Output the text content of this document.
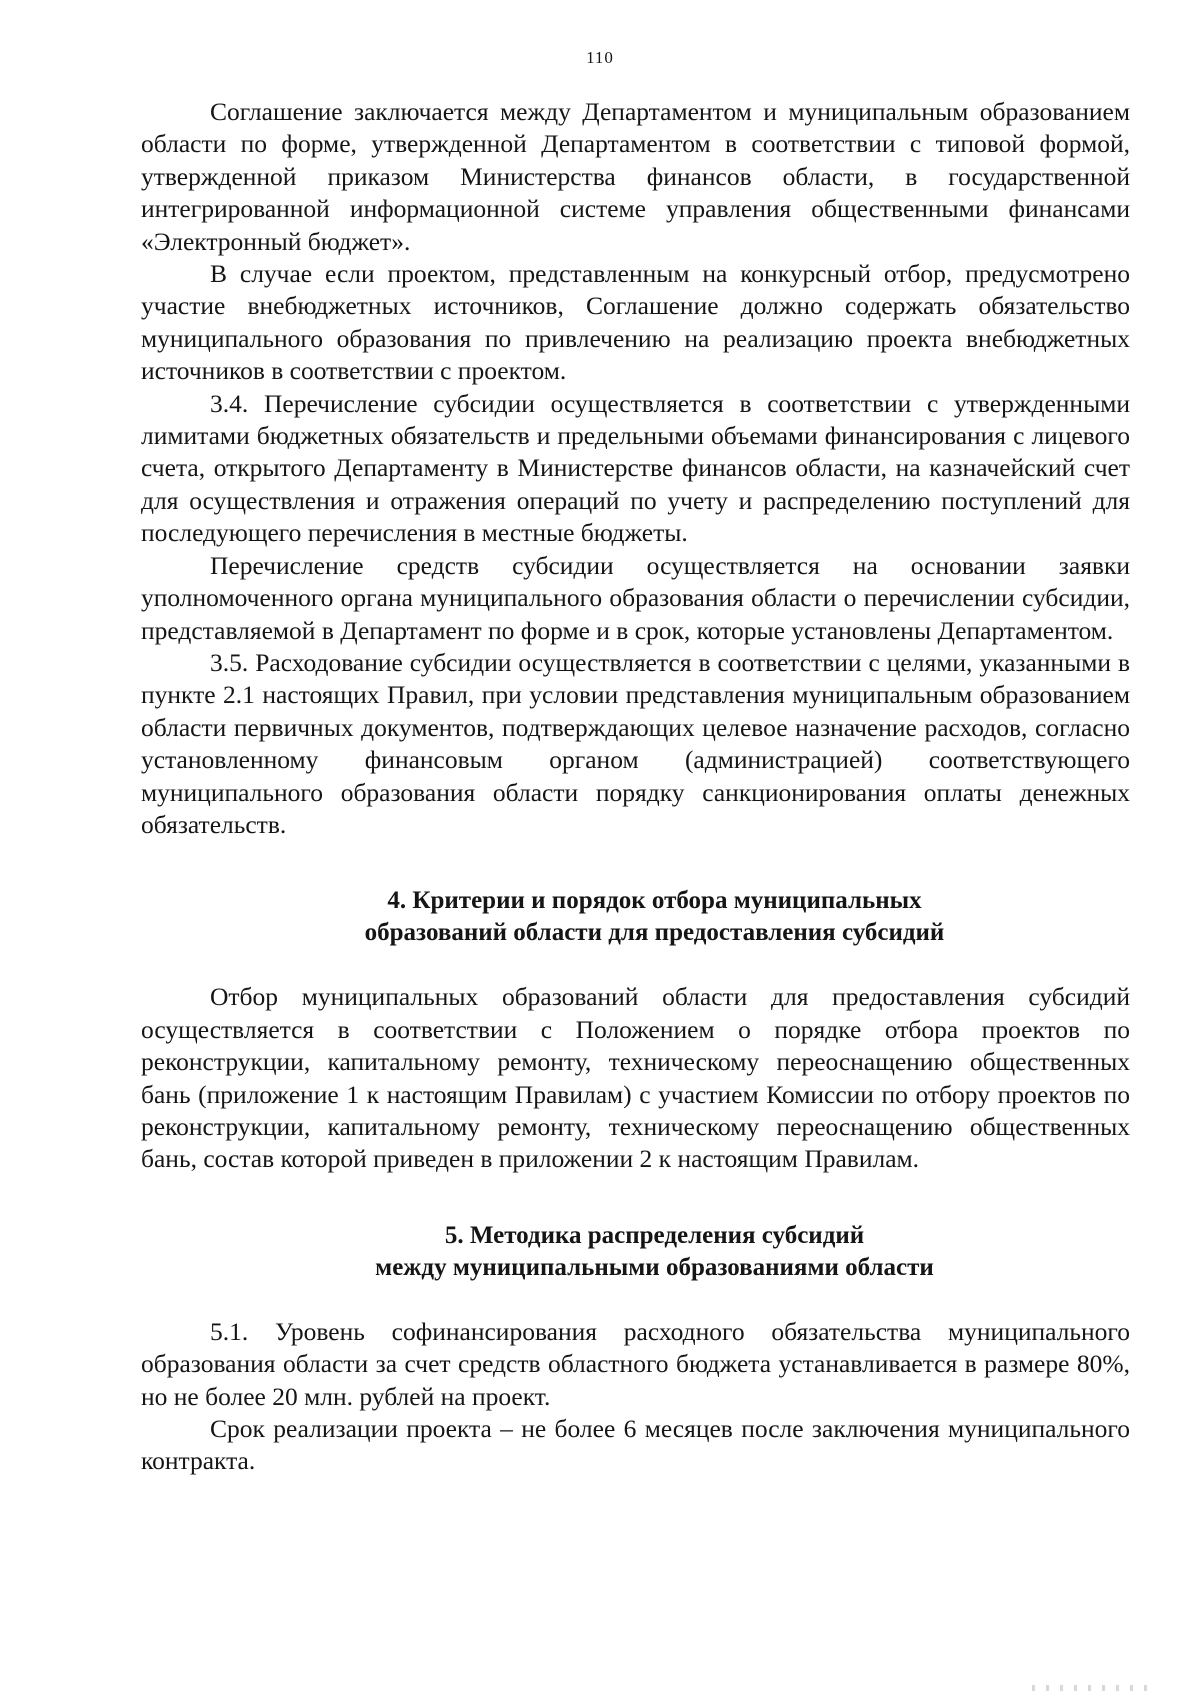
110

Соглашение заключается между Департаментом и муниципальным образованием области по форме, утвержденной Департаментом в соответствии с типовой формой, утвержденной приказом Министерства финансов области, в государственной интегрированной информационной системе управления общественными финансами «Электронный бюджет».

В случае если проектом, представленным на конкурсный отбор, предусмотрено участие внебюджетных источников, Соглашение должно содержать обязательство муниципального образования по привлечению на реализацию проекта внебюджетных источников в соответствии с проектом.

3.4. Перечисление субсидии осуществляется в соответствии с утвержденными лимитами бюджетных обязательств и предельными объемами финансирования с лицевого счета, открытого Департаменту в Министерстве финансов области, на казначейский счет для осуществления и отражения операций по учету и распределению поступлений для последующего перечисления в местные бюджеты.

Перечисление средств субсидии осуществляется на основании заявки уполномоченного органа муниципального образования области о перечислении субсидии, представляемой в Департамент по форме и в срок, которые установлены Департаментом.

3.5. Расходование субсидии осуществляется в соответствии с целями, указанными в пункте 2.1 настоящих Правил, при условии представления муниципальным образованием области первичных документов, подтверждающих целевое назначение расходов, согласно установленному финансовым органом (администрацией) соответствующего муниципального образования области порядку санкционирования оплаты денежных обязательств.

4. Критерии и порядок отбора муниципальных
образований области для предоставления субсидий

Отбор муниципальных образований области для предоставления субсидий осуществляется в соответствии с Положением о порядке отбора проектов по реконструкции, капитальному ремонту, техническому переоснащению общественных бань (приложение 1 к настоящим Правилам) с участием Комиссии по отбору проектов по реконструкции, капитальному ремонту, техническому переоснащению общественных бань, состав которой приведен в приложении 2 к настоящим Правилам.

5. Методика распределения субсидий
между муниципальными образованиями области

5.1. Уровень софинансирования расходного обязательства муниципального образования области за счет средств областного бюджета устанавливается в размере 80%, но не более 20 млн. рублей на проект.

Срок реализации проекта – не более 6 месяцев после заключения муниципального контракта.
